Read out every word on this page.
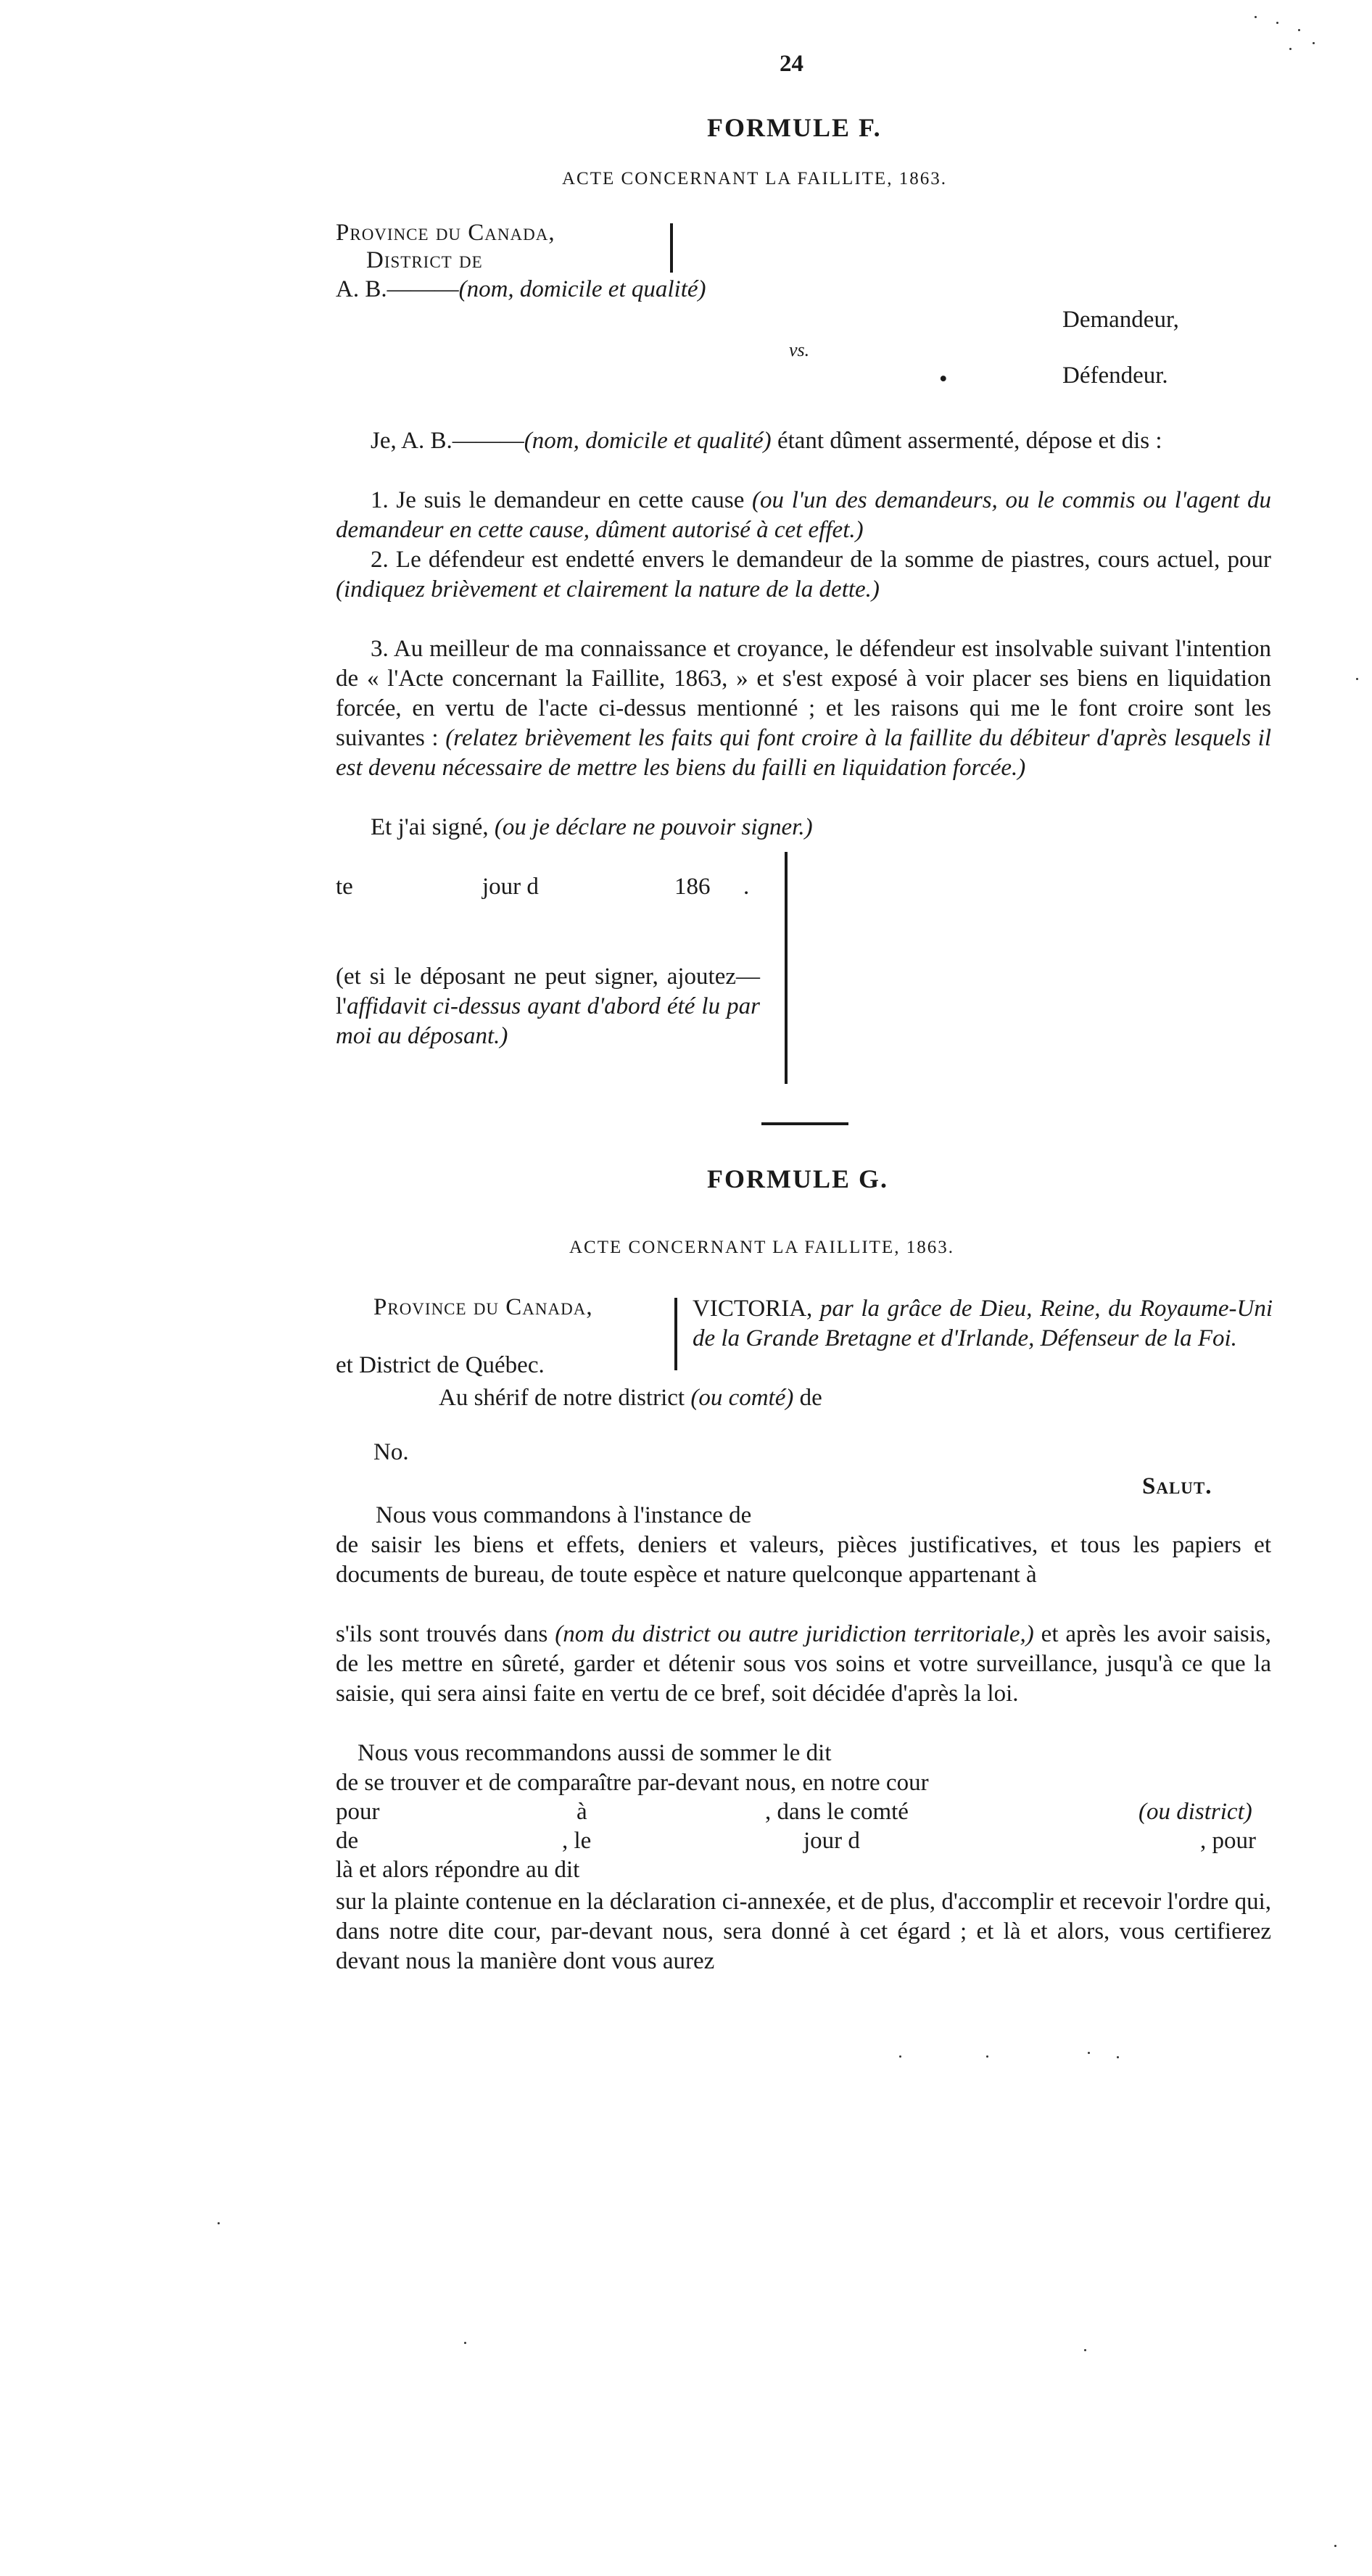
24
FORMULE F.
ACTE CONCERNANT LA FAILLITE, 1863.
Province du Canada,
District de
A. B.———(nom, domicile et qualité)
Demandeur,
vs.
•	Défendeur.
Je, A. B.———(nom, domicile et qualité) étant dûment assermenté, dépose et dis :
1. Je suis le demandeur en cette cause (ou l'un des demandeurs, ou le commis ou l'agent du demandeur en cette cause, dûment autorisé à cet effet.)
2. Le défendeur est endetté envers le demandeur de la somme de piastres, cours actuel, pour (indiquez brièvement et clairement la nature de la dette.)
3. Au meilleur de ma connaissance et croyance, le défendeur est insolvable suivant l'intention de « l'Acte concernant la Faillite, 1863, » et s'est exposé à voir placer ses biens en liquidation forcée, en vertu de l'acte ci-dessus mentionné ; et les raisons qui me le font croire sont les suivantes : (relatez brièvement les faits qui font croire à la faillite du débiteur d'après lesquels il est devenu nécessaire de mettre les biens du failli en liquidation forcée.)
Et j'ai signé, (ou je déclare ne pouvoir signer.)
te	jour d	186 .
(et si le déposant ne peut signer, ajoutez—l'affidavit ci-dessus ayant d'abord été lu par moi au déposant.)
FORMULE G.
ACTE CONCERNANT LA FAILLITE, 1863.
Province du Canada,
et District de Québec.
VICTORIA, par la grâce de Dieu, Reine, du Royaume-Uni de la Grande Bretagne et d'Irlande, Défenseur de la Foi.
Au shérif de notre district (ou comté) de
No.
Salut.
Nous vous commandons à l'instance de
de saisir les biens et effets, deniers et valeurs, pièces justificatives, et tous les papiers et documents de bureau, de toute espèce et nature quelconque appartenant à
s'ils sont trouvés dans (nom du district ou autre juridiction territoriale,) et après les avoir saisis, de les mettre en sûreté, garder et détenir sous vos soins et votre surveillance, jusqu'à ce que la saisie, qui sera ainsi faite en vertu de ce bref, soit décidée d'après la loi.
Nous vous recommandons aussi de sommer le dit
de se trouver et de comparaître par-devant nous, en notre cour
pour	à	, dans le comté	(ou district)
de	, le	jour d	, pour
là et alors répondre au dit
sur la plainte contenue en la déclaration ci-annexée, et de plus, d'accomplir et recevoir l'ordre qui, dans notre dite cour, par-devant nous, sera donné à cet égard ; et là et alors, vous certifierez devant nous la manière dont vous aurez
